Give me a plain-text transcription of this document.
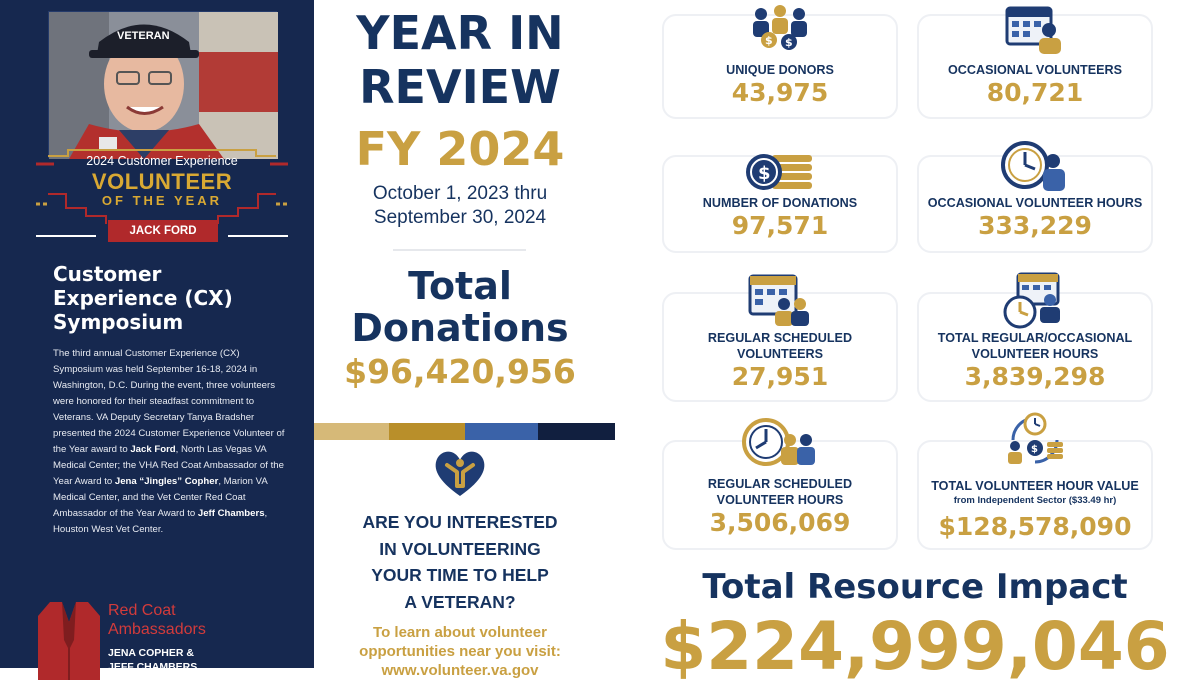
VETERAN
2024 Customer Experience
VOLUNTEER
OF THE YEAR
JACK FORD
Customer Experience (CX) Symposium
The third annual Customer Experience (CX) Symposium was held September 16-18, 2024 in Washington, D.C. During the event, three volunteers were honored for their steadfast commitment to Veterans. VA Deputy Secretary Tanya Bradsher presented the 2024 Customer Experience Volunteer of the Year award to Jack Ford, North Las Vegas VA Medical Center; the VHA Red Coat Ambassador of the Year Award to Jena “Jingles” Copher, Marion VA Medical Center, and the Vet Center Red Coat Ambassador of the Year Award to Jeff Chambers, Houston West Vet Center.
Red Coat
Ambassadors
JENA COPHER &
JEFF CHAMBERS
YEAR IN
REVIEW
FY 2024
October 1, 2023 thru
September 30, 2024
Total
Donations
$96,420,956
ARE YOU INTERESTED
IN VOLUNTEERING
YOUR TIME TO HELP
A VETERAN?
To learn about volunteer
opportunities near you visit:
www.volunteer.va.gov
$ $
UNIQUE DONORS
43,975
OCCASIONAL VOLUNTEERS
80,721
$
NUMBER OF DONATIONS
97,571
OCCASIONAL VOLUNTEER HOURS
333,229
REGULAR SCHEDULED
VOLUNTEERS
27,951
TOTAL REGULAR/OCCASIONAL
VOLUNTEER HOURS
3,839,298
REGULAR SCHEDULED
VOLUNTEER HOURS
3,506,069
$
TOTAL VOLUNTEER HOUR VALUE
from Independent Sector ($33.49 hr)
$128,578,090
Total Resource Impact
$224,999,046
